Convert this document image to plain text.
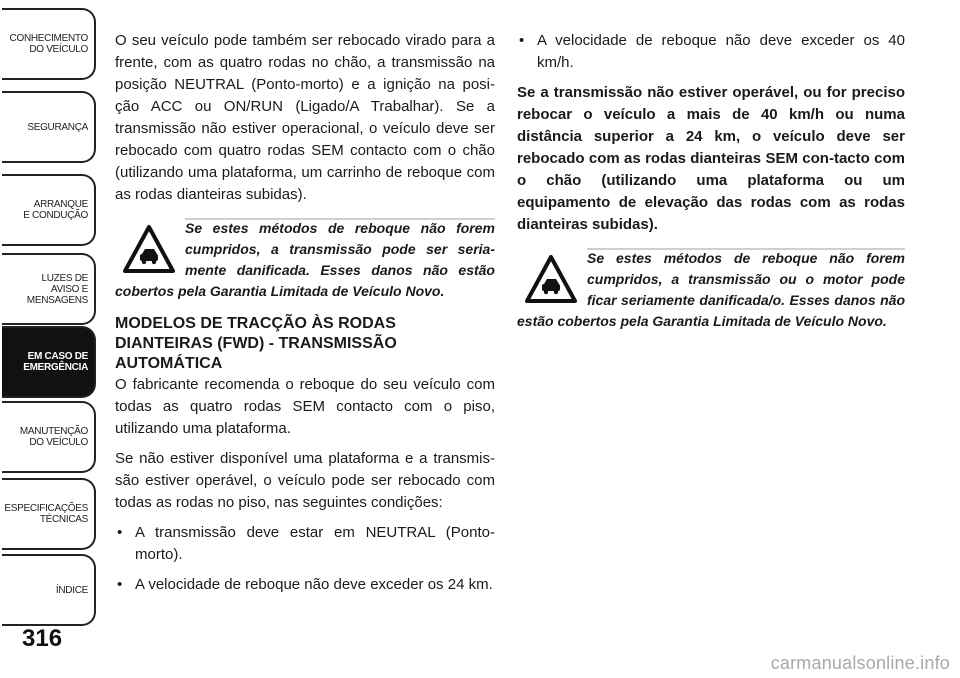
CONHECIMENTO
DO VEÍCULO
SEGURANÇA
ARRANQUE
E CONDUÇÃO
LUZES DE
AVISO E
MENSAGENS
EM CASO DE
EMERGÊNCIA
MANUTENÇÃO
DO VEÍCULO
ESPECIFICAÇÕES
TÉCNICAS
ÍNDICE
316

O seu veículo pode também ser rebocado virado para a frente, com as quatro rodas no chão, a transmissão na posição NEUTRAL (Ponto-morto) e a ignição na posi-ção ACC ou ON/RUN (Ligado/A Trabalhar). Se a transmissão não estiver operacional, o veículo deve ser rebocado com quatro rodas SEM contacto com o chão (utilizando uma plataforma, um carrinho de reboque com as rodas dianteiras subidas).

Se estes métodos de reboque não forem cumpridos, a transmissão pode ser seria-mente danificada. Esses danos não estão cobertos pela Garantia Limitada de Veículo Novo.
MODELOS DE TRACÇÃO ÀS RODAS DIANTEIRAS (FWD) - TRANSMISSÃO AUTOMÁTICA

O fabricante recomenda o reboque do seu veículo com todas as quatro rodas SEM contacto com o piso, utilizando uma plataforma.

Se não estiver disponível uma plataforma e a transmis-são estiver operável, o veículo pode ser rebocado com todas as rodas no piso, nas seguintes condições:

• A transmissão deve estar em NEUTRAL (Ponto-morto).
• A velocidade de reboque não deve exceder os 24 km.
• A velocidade de reboque não deve exceder os 40 km/h.

Se a transmissão não estiver operável, ou for preciso rebocar o veículo a mais de 40 km/h ou numa distância superior a 24 km, o veículo deve ser rebocado com as rodas dianteiras SEM con-tacto com o chão (utilizando uma plataforma ou um equipamento de elevação das rodas com as rodas dianteiras subidas).

Se estes métodos de reboque não forem cumpridos, a transmissão ou o motor pode ficar seriamente danificada/o. Esses danos não estão cobertos pela Garantia Limitada de Veículo Novo.
carmanualsonline.info
